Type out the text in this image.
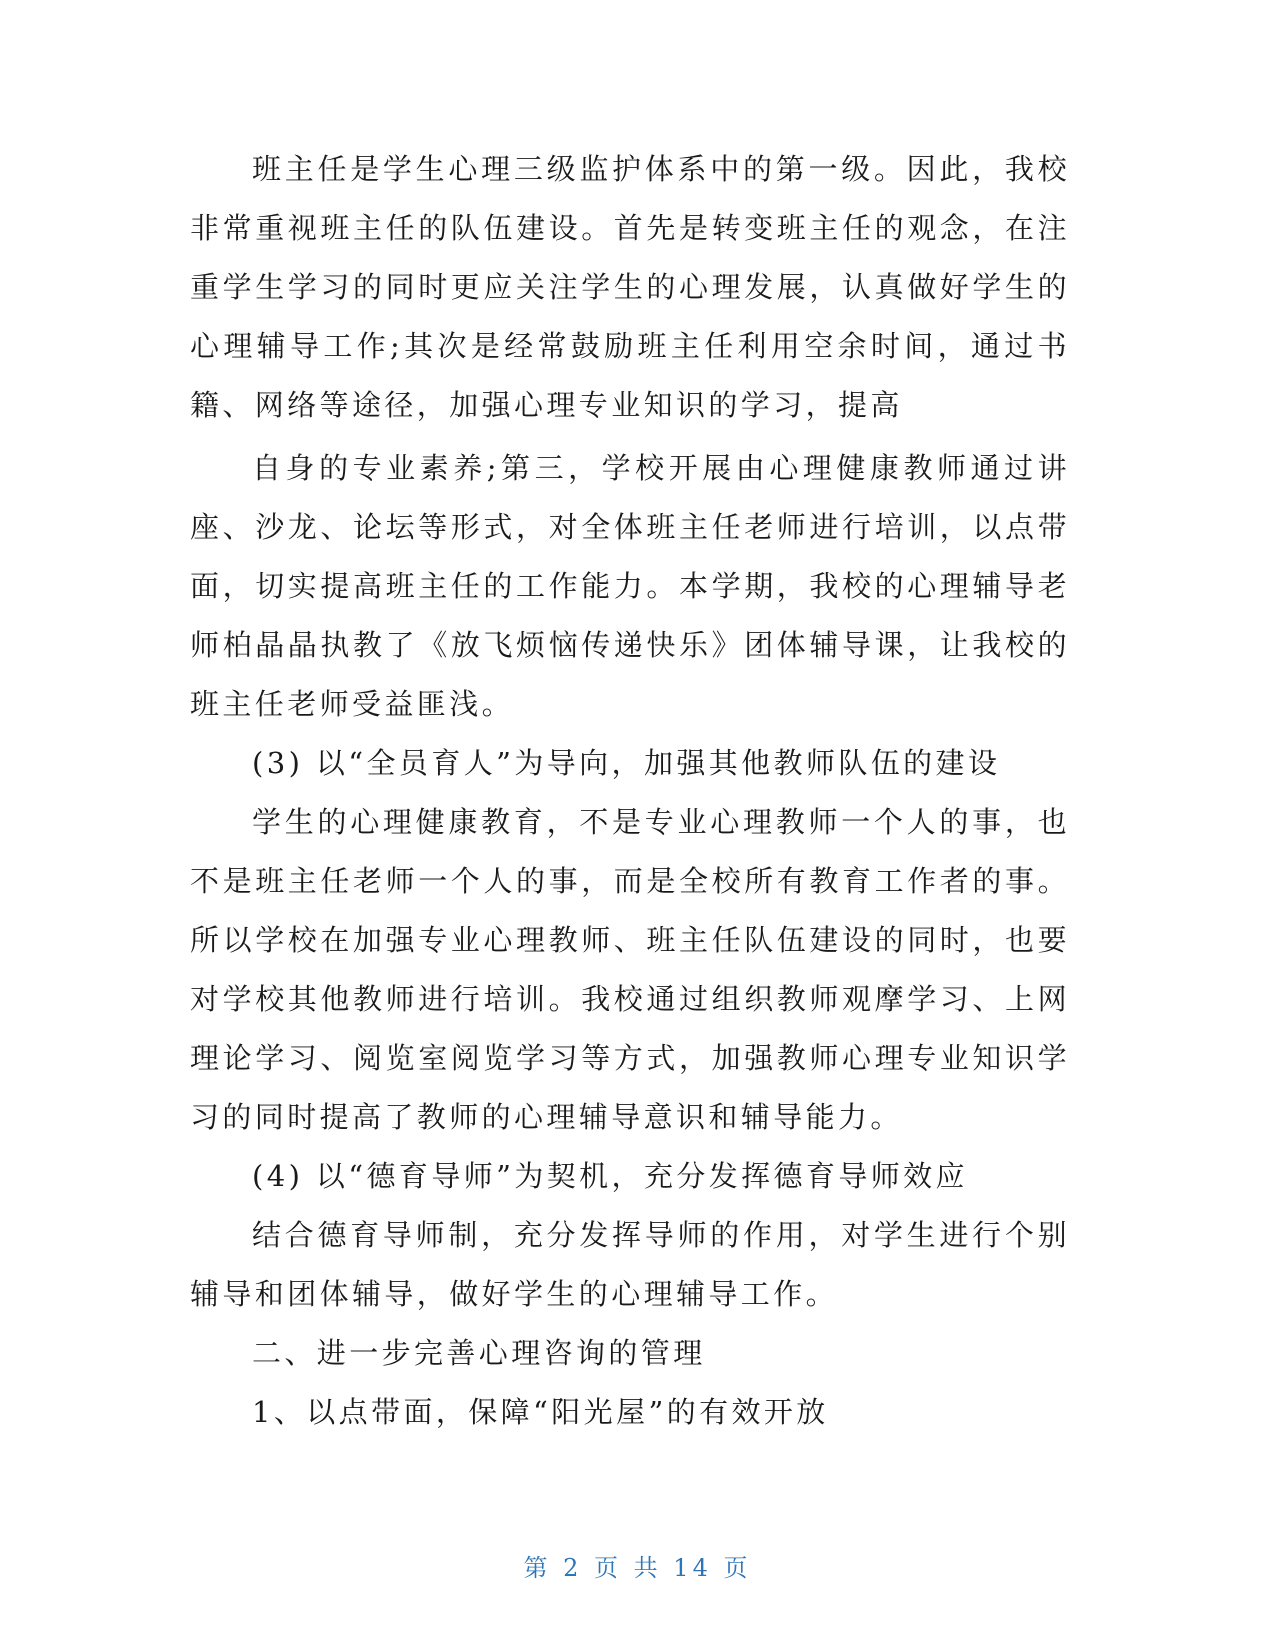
班主任是学生心理三级监护体系中的第一级。因此，我校非常重视班主任的队伍建设。首先是转变班主任的观念，在注重学生学习的同时更应关注学生的心理发展，认真做好学生的心理辅导工作;其次是经常鼓励班主任利用空余时间，通过书籍、网络等途径，加强心理专业知识的学习，提高

自身的专业素养;第三，学校开展由心理健康教师通过讲座、沙龙、论坛等形式，对全体班主任老师进行培训，以点带面，切实提高班主任的工作能力。本学期，我校的心理辅导老师柏晶晶执教了《放飞烦恼传递快乐》团体辅导课，让我校的班主任老师受益匪浅。

(3) 以“全员育人”为导向，加强其他教师队伍的建设

学生的心理健康教育，不是专业心理教师一个人的事，也不是班主任老师一个人的事，而是全校所有教育工作者的事。所以学校在加强专业心理教师、班主任队伍建设的同时，也要对学校其他教师进行培训。我校通过组织教师观摩学习、上网理论学习、阅览室阅览学习等方式，加强教师心理专业知识学习的同时提高了教师的心理辅导意识和辅导能力。

(4) 以“德育导师”为契机，充分发挥德育导师效应

结合德育导师制，充分发挥导师的作用，对学生进行个别辅导和团体辅导，做好学生的心理辅导工作。

二、进一步完善心理咨询的管理

1、以点带面，保障“阳光屋”的有效开放

第 2 页 共 14 页
